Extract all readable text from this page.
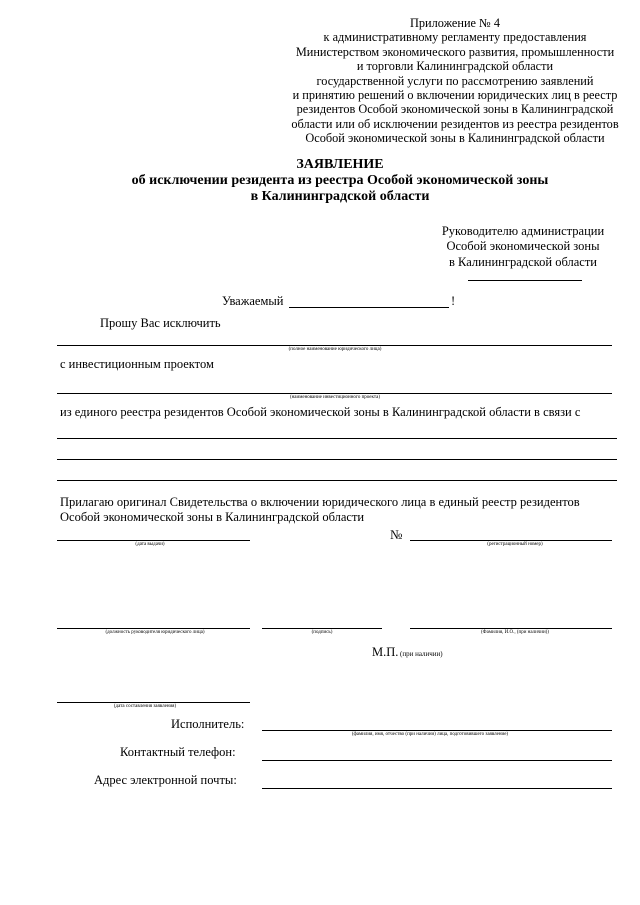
Приложение № 4
к административному регламенту предоставления
Министерством экономического развития, промышленности
и торговли Калининградской области
государственной услуги по рассмотрению заявлений
и принятию решений о включении юридических лиц в реестр
резидентов Особой экономической зоны в Калининградской
области или об исключении резидентов из реестра резидентов
Особой экономической зоны в Калининградской области
ЗАЯВЛЕНИЕ
об исключении резидента из реестра Особой экономической зоны
в Калининградской области
Руководителю администрации
Особой экономической зоны
в Калининградской области
Уважаемый	!
Прошу Вас исключить
(полное наименование юридического лица)
с инвестиционным проектом
(наименование инвестиционного проекта)
из единого реестра резидентов Особой экономической зоны в Калининградской области в связи с
Прилагаю оригинал Свидетельства о включении юридического лица в единый реестр резидентов
Особой экономической зоны в Калининградской области
(дата выдачи)
№
(регистрационный номер)
(должность руководителя юридического лица)	(подпись)	(Фамилия, И.О., (при наличии))
М.П. (при наличии)
(дата составления заявления)
Исполнитель:
(фамилия, имя, отчество (при наличии) лица, подготовившего заявление)
Контактный телефон:
Адрес электронной почты:
